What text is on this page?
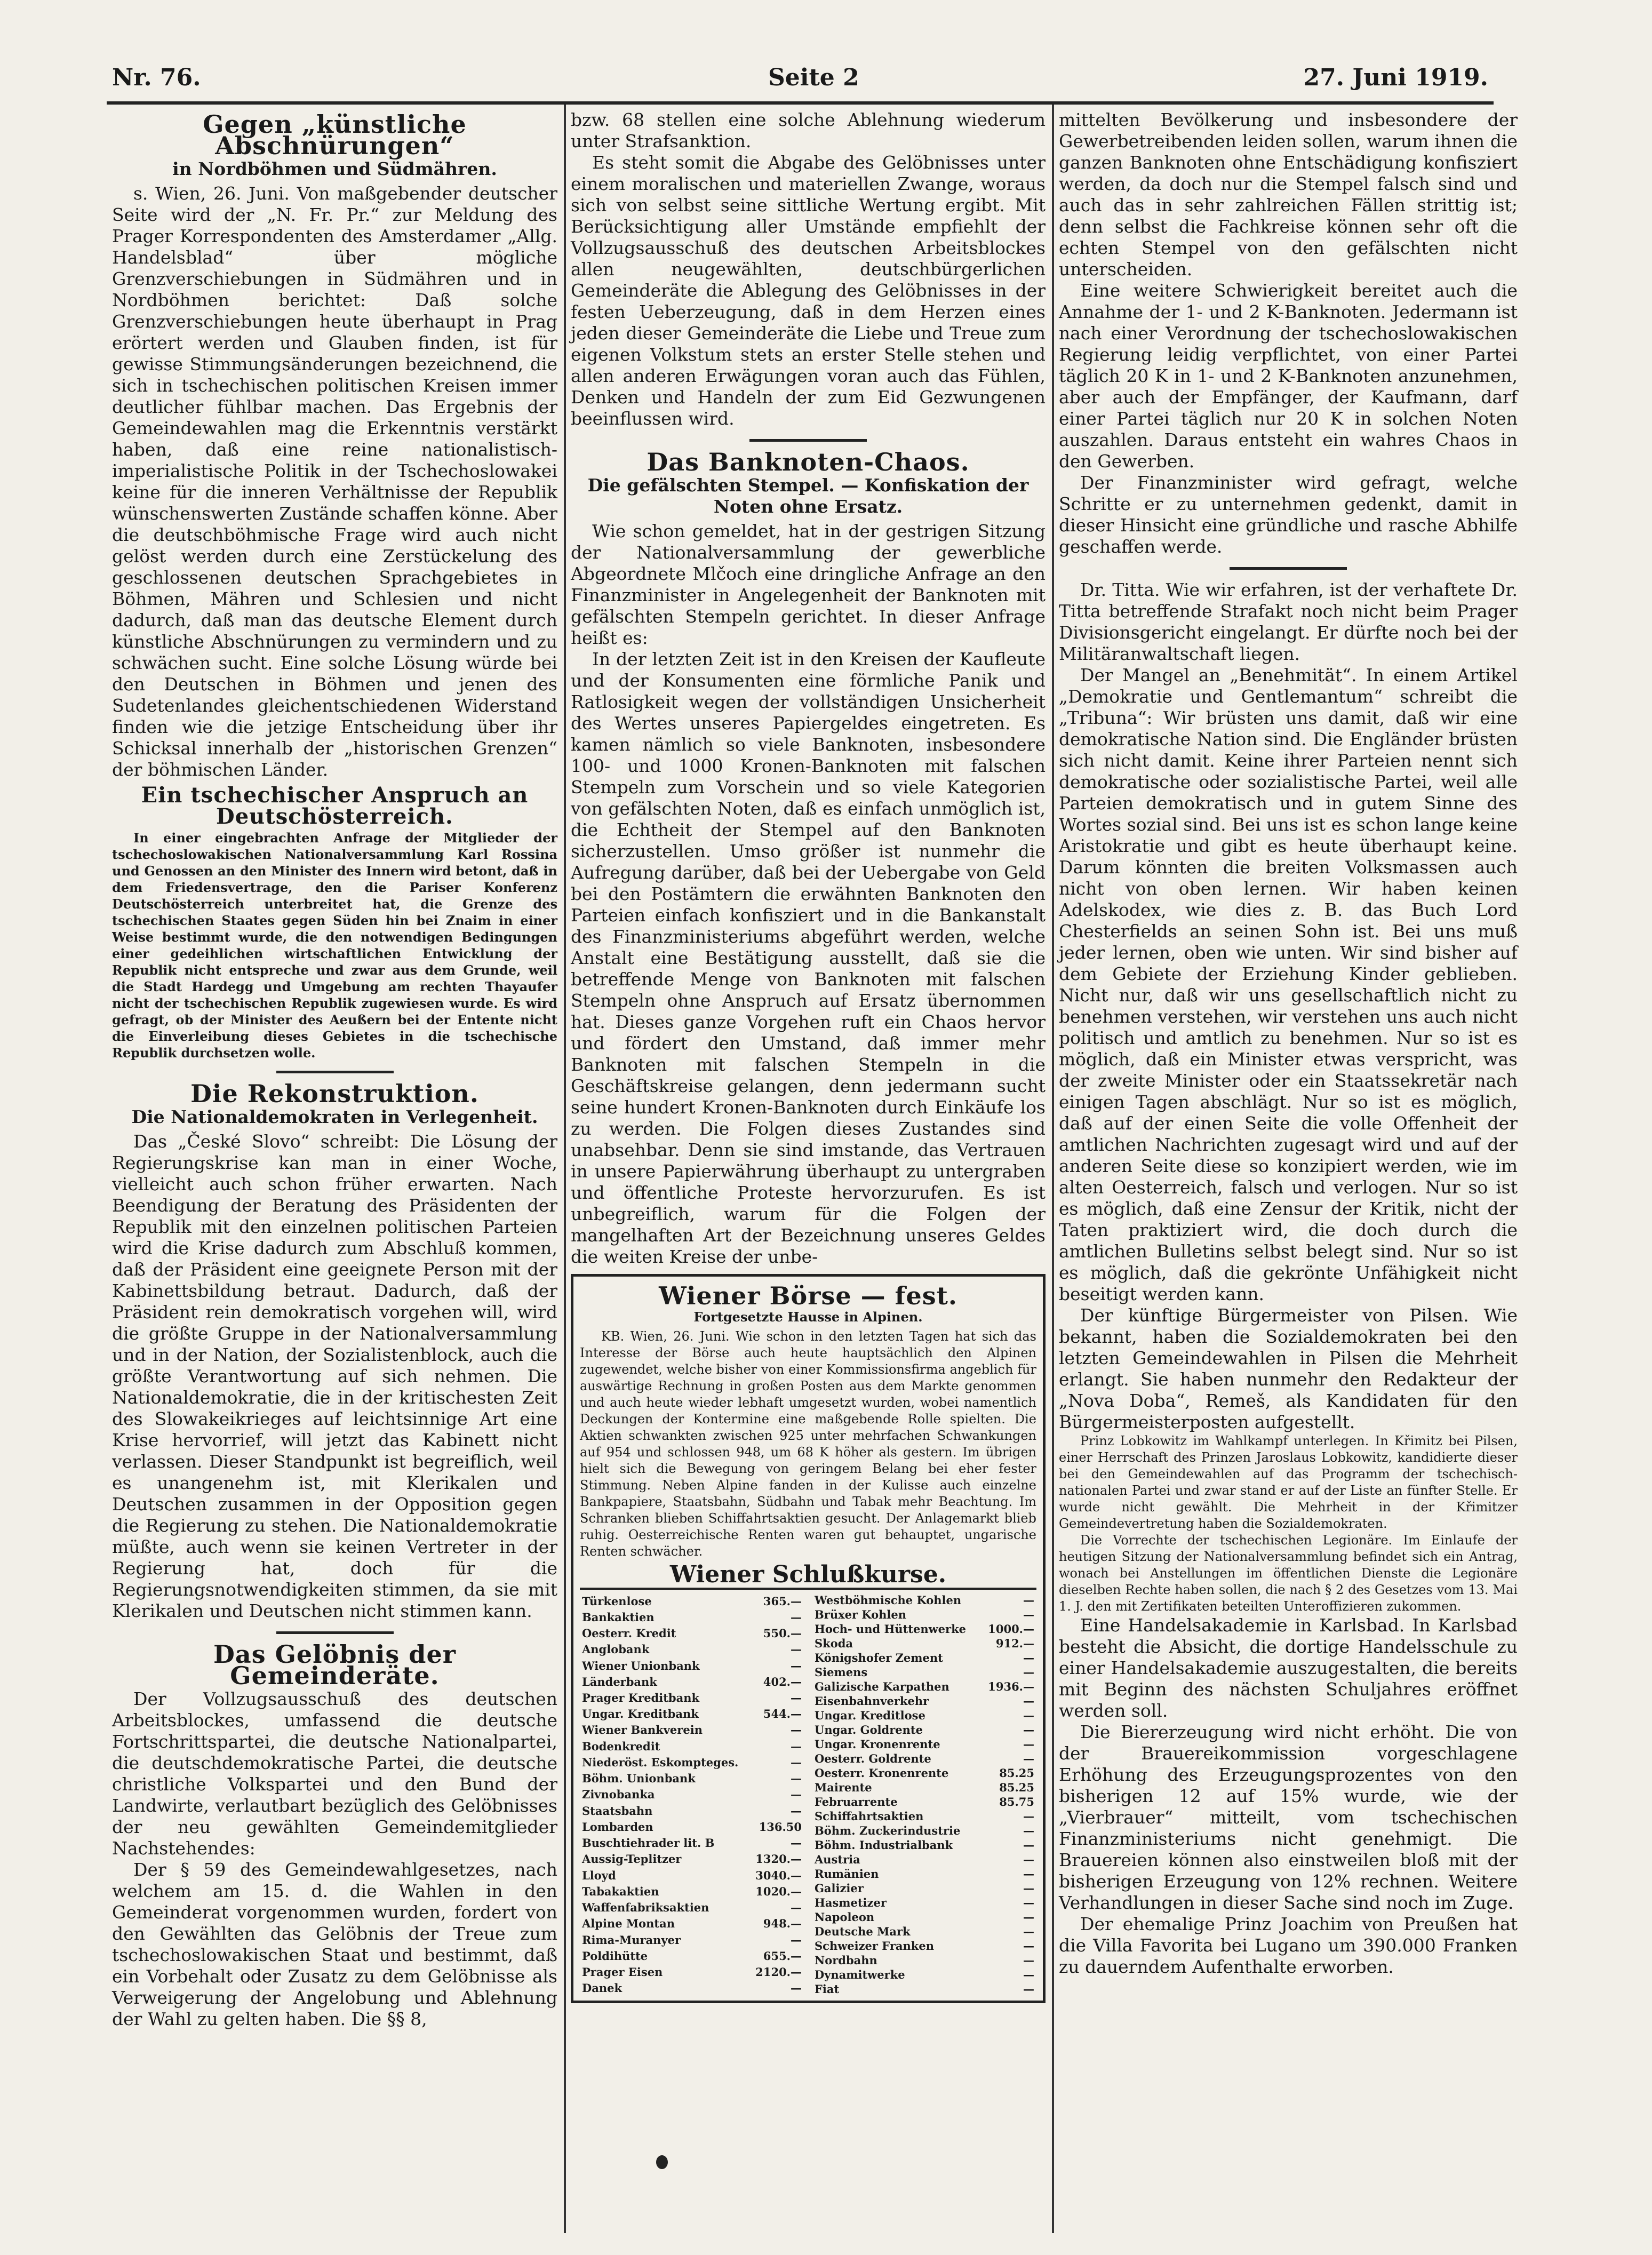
Nr. 76.	Seite 2	27. Juni 1919.
Gegen „künstliche Abschnürungen“
in Nordböhmen und Südmähren.

s. Wien, 26. Juni. Von maßgebender deutscher Seite wird der „N. Fr. Pr.“ zur Meldung des Prager Korrespondenten des Amsterdamer „Allg. Handelsblad“ über mögliche Grenzverschiebungen in Südmähren und in Nordböhmen berichtet: Daß solche Grenzverschiebungen heute überhaupt in Prag erörtert werden und Glauben finden, ist für gewisse Stimmungsänderungen bezeichnend, die sich in tschechischen politischen Kreisen immer deutlicher fühlbar machen. Das Ergebnis der Gemeindewahlen mag die Erkenntnis verstärkt haben, daß eine reine nationalistisch-imperialistische Politik in der Tschechoslowakei keine für die inneren Verhältnisse der Republik wünschenswerten Zustände schaffen könne. Aber die deutschböhmische Frage wird auch nicht gelöst werden durch eine Zerstückelung des geschlossenen deutschen Sprachgebietes in Böhmen, Mähren und Schlesien und nicht dadurch, daß man das deutsche Element durch künstliche Abschnürungen zu vermindern und zu schwächen sucht. Eine solche Lösung würde bei den Deutschen in Böhmen und jenen des Sudetenlandes gleichentschiedenen Widerstand finden wie die jetzige Entscheidung über ihr Schicksal innerhalb der „historischen Grenzen“ der böhmischen Länder.

Ein tschechischer Anspruch an Deutschösterreich.

In einer eingebrachten Anfrage der Mitglieder der tschechoslowakischen Nationalversammlung Karl Rossina und Genossen an den Minister des Innern wird betont, daß in dem Friedensvertrage, den die Pariser Konferenz Deutschösterreich unterbreitet hat, die Grenze des tschechischen Staates gegen Süden hin bei Znaim in einer Weise bestimmt wurde, die den notwendigen Bedingungen einer gedeihlichen wirtschaftlichen Entwicklung der Republik nicht entspreche und zwar aus dem Grunde, weil die Stadt Hardegg und Umgebung am rechten Thayaufer nicht der tschechischen Republik zugewiesen wurde. Es wird gefragt, ob der Minister des Aeußern bei der Entente nicht die Einverleibung dieses Gebietes in die tschechische Republik durchsetzen wolle.

Die Rekonstruktion.
Die Nationaldemokraten in Verlegenheit.

Das „České Slovo“ schreibt: Die Lösung der Regierungskrise kan man in einer Woche, vielleicht auch schon früher erwarten. Nach Beendigung der Beratung des Präsidenten der Republik mit den einzelnen politischen Parteien wird die Krise dadurch zum Abschluß kommen, daß der Präsident eine geeignete Person mit der Kabinettsbildung betraut. Dadurch, daß der Präsident rein demokratisch vorgehen will, wird die größte Gruppe in der Nationalversammlung und in der Nation, der Sozialistenblock, auch die größte Verantwortung auf sich nehmen. Die Nationaldemokratie, die in der kritischesten Zeit des Slowakeikrieges auf leichtsinnige Art eine Krise hervorrief, will jetzt das Kabinett nicht verlassen. Dieser Standpunkt ist begreiflich, weil es unangenehm ist, mit Klerikalen und Deutschen zusammen in der Opposition gegen die Regierung zu stehen. Die Nationaldemokratie müßte, auch wenn sie keinen Vertreter in der Regierung hat, doch für die Regierungsnotwendigkeiten stimmen, da sie mit Klerikalen und Deutschen nicht stimmen kann.

Das Gelöbnis der Gemeinderäte.

Der Vollzugsausschuß des deutschen Arbeitsblockes, umfassend die deutsche Fortschrittspartei, die deutsche Nationalpartei, die deutschdemokratische Partei, die deutsche christliche Volkspartei und den Bund der Landwirte, verlautbart bezüglich des Gelöbnisses der neu gewählten Gemeindemitglieder Nachstehendes:

Der § 59 des Gemeindewahlgesetzes, nach welchem am 15. d. die Wahlen in den Gemeinderat vorgenommen wurden, fordert von den Gewählten das Gelöbnis der Treue zum tschechoslowakischen Staat und bestimmt, daß ein Vorbehalt oder Zusatz zu dem Gelöbnisse als Verweigerung der Angelobung und Ablehnung der Wahl zu gelten haben. Die §§ 8,

bzw. 68 stellen eine solche Ablehnung wiederum unter Strafsanktion.

Es steht somit die Abgabe des Gelöbnisses unter einem moralischen und materiellen Zwange, woraus sich von selbst seine sittliche Wertung ergibt. Mit Berücksichtigung aller Umstände empfiehlt der Vollzugsausschuß des deutschen Arbeitsblockes allen neugewählten, deutschbürgerlichen Gemeinderäte die Ablegung des Gelöbnisses in der festen Ueberzeugung, daß in dem Herzen eines jeden dieser Gemeinderäte die Liebe und Treue zum eigenen Volkstum stets an erster Stelle stehen und allen anderen Erwägungen voran auch das Fühlen, Denken und Handeln der zum Eid Gezwungenen beeinflussen wird.

Das Banknoten-Chaos.
Die gefälschten Stempel. — Konfiskation der Noten ohne Ersatz.

Wie schon gemeldet, hat in der gestrigen Sitzung der Nationalversammlung der gewerbliche Abgeordnete Mlčoch eine dringliche Anfrage an den Finanzminister in Angelegenheit der Banknoten mit gefälschten Stempeln gerichtet. In dieser Anfrage heißt es:

In der letzten Zeit ist in den Kreisen der Kaufleute und der Konsumenten eine förmliche Panik und Ratlosigkeit wegen der vollständigen Unsicherheit des Wertes unseres Papiergeldes eingetreten. Es kamen nämlich so viele Banknoten, insbesondere 100- und 1000 Kronen-Banknoten mit falschen Stempeln zum Vorschein und so viele Kategorien von gefälschten Noten, daß es einfach unmöglich ist, die Echtheit der Stempel auf den Banknoten sicherzustellen. Umso größer ist nunmehr die Aufregung darüber, daß bei der Uebergabe von Geld bei den Postämtern die erwähnten Banknoten den Parteien einfach konfisziert und in die Bankanstalt des Finanzministeriums abgeführt werden, welche Anstalt eine Bestätigung ausstellt, daß sie die betreffende Menge von Banknoten mit falschen Stempeln ohne Anspruch auf Ersatz übernommen hat. Dieses ganze Vorgehen ruft ein Chaos hervor und fördert den Umstand, daß immer mehr Banknoten mit falschen Stempeln in die Geschäftskreise gelangen, denn jedermann sucht seine hundert Kronen-Banknoten durch Einkäufe los zu werden. Die Folgen dieses Zustandes sind unabsehbar. Denn sie sind imstande, das Vertrauen in unsere Papierwährung überhaupt zu untergraben und öffentliche Proteste hervorzurufen. Es ist unbegreiflich, warum für die Folgen der mangelhaften Art der Bezeichnung unseres Geldes die weiten Kreise der unbe-

Wiener Börse — fest.
Fortgesetzte Hausse in Alpinen.

KB. Wien, 26. Juni. Wie schon in den letzten Tagen hat sich das Interesse der Börse auch heute hauptsächlich den Alpinen zugewendet, welche bisher von einer Kommissionsfirma angeblich für auswärtige Rechnung in großen Posten aus dem Markte genommen und auch heute wieder lebhaft umgesetzt wurden, wobei namentlich Deckungen der Kontermine eine maßgebende Rolle spielten. Die Aktien schwankten zwischen 925 unter mehrfachen Schwankungen auf 954 und schlossen 948, um 68 K höher als gestern. Im übrigen hielt sich die Bewegung von geringem Belang bei eher fester Stimmung. Neben Alpine fanden in der Kulisse auch einzelne Bankpapiere, Staatsbahn, Südbahn und Tabak mehr Beachtung. Im Schranken blieben Schiffahrtsaktien gesucht. Der Anlagemarkt blieb ruhig. Oesterreichische Renten waren gut behauptet, ungarische Renten schwächer.

Wiener Schlußkurse.
Türkenlose	365.—
Bankaktien	—
Oesterr. Kredit	550.—
Anglobank	—
Wiener Unionbank	—
Länderbank	402.—
Prager Kreditbank	—
Ungar. Kreditbank	544.—
Wiener Bankverein	—
Bodenkredit	—
Niederöst. Eskompteges.	—
Böhm. Unionbank	—
Zivnobanka	—
Staatsbahn	—
Lombarden	136.50
Buschtiehrader lit. B	—
Aussig-Teplitzer	1320.—
Lloyd	3040.—
Tabakaktien	1020.—
Waffenfabriksaktien	—
Alpine Montan	948.—
Rima-Muranyer	—
Poldihütte	655.—
Prager Eisen	2120.—
Danek	—
Westböhmische Kohlen	—
Brüxer Kohlen	—
Hoch- und Hüttenwerke	1000.—
Skoda	912.—
Königshofer Zement	—
Siemens	—
Galizische Karpathen	1936.—
Eisenbahnverkehr	—
Ungar. Kreditlose	—
Ungar. Goldrente	—
Ungar. Kronenrente	—
Oesterr. Goldrente	—
Oesterr. Kronenrente	85.25
Mairente	85.25
Februarrente	85.75
Schiffahrtsaktien	—
Böhm. Zuckerindustrie	—
Böhm. Industrialbank	—
Austria	—
Rumänien	—
Galizier	—
Hasmetizer	—
Napoleon	—
Deutsche Mark	—
Schweizer Franken	—
Nordbahn	—
Dynamitwerke	—
Fiat	—

mittelten Bevölkerung und insbesondere der Gewerbetreibenden leiden sollen, warum ihnen die ganzen Banknoten ohne Entschädigung konfisziert werden, da doch nur die Stempel falsch sind und auch das in sehr zahlreichen Fällen strittig ist; denn selbst die Fachkreise können sehr oft die echten Stempel von den gefälschten nicht unterscheiden.

Eine weitere Schwierigkeit bereitet auch die Annahme der 1- und 2 K-Banknoten. Jedermann ist nach einer Verordnung der tschechoslowakischen Regierung leidig verpflichtet, von einer Partei täglich 20 K in 1- und 2 K-Banknoten anzunehmen, aber auch der Empfänger, der Kaufmann, darf einer Partei täglich nur 20 K in solchen Noten auszahlen. Daraus entsteht ein wahres Chaos in den Gewerben.

Der Finanzminister wird gefragt, welche Schritte er zu unternehmen gedenkt, damit in dieser Hinsicht eine gründliche und rasche Abhilfe geschaffen werde.

Dr. Titta. Wie wir erfahren, ist der verhaftete Dr. Titta betreffende Strafakt noch nicht beim Prager Divisionsgericht eingelangt. Er dürfte noch bei der Militäranwaltschaft liegen.

Der Mangel an „Benehmität“. In einem Artikel „Demokratie und Gentlemantum“ schreibt die „Tribuna“: Wir brüsten uns damit, daß wir eine demokratische Nation sind. Die Engländer brüsten sich nicht damit. Keine ihrer Parteien nennt sich demokratische oder sozialistische Partei, weil alle Parteien demokratisch und in gutem Sinne des Wortes sozial sind. Bei uns ist es schon lange keine Aristokratie und gibt es heute überhaupt keine. Darum könnten die breiten Volksmassen auch nicht von oben lernen. Wir haben keinen Adelskodex, wie dies z. B. das Buch Lord Chesterfields an seinen Sohn ist. Bei uns muß jeder lernen, oben wie unten. Wir sind bisher auf dem Gebiete der Erziehung Kinder geblieben. Nicht nur, daß wir uns gesellschaftlich nicht zu benehmen verstehen, wir verstehen uns auch nicht politisch und amtlich zu benehmen. Nur so ist es möglich, daß ein Minister etwas verspricht, was der zweite Minister oder ein Staatssekretär nach einigen Tagen abschlägt. Nur so ist es möglich, daß auf der einen Seite die volle Offenheit der amtlichen Nachrichten zugesagt wird und auf der anderen Seite diese so konzipiert werden, wie im alten Oesterreich, falsch und verlogen. Nur so ist es möglich, daß eine Zensur der Kritik, nicht der Taten praktiziert wird, die doch durch die amtlichen Bulletins selbst belegt sind. Nur so ist es möglich, daß die gekrönte Unfähigkeit nicht beseitigt werden kann.

Der künftige Bürgermeister von Pilsen. Wie bekannt, haben die Sozialdemokraten bei den letzten Gemeindewahlen in Pilsen die Mehrheit erlangt. Sie haben nunmehr den Redakteur der „Nova Doba“, Remeš, als Kandidaten für den Bürgermeisterposten aufgestellt.

Prinz Lobkowitz im Wahlkampf unterlegen. In Křimitz bei Pilsen, einer Herrschaft des Prinzen Jaroslaus Lobkowitz, kandidierte dieser bei den Gemeindewahlen auf das Programm der tschechisch-nationalen Partei und zwar stand er auf der Liste an fünfter Stelle. Er wurde nicht gewählt. Die Mehrheit in der Křimitzer Gemeindevertretung haben die Sozialdemokraten.

Die Vorrechte der tschechischen Legionäre. Im Einlaufe der heutigen Sitzung der Nationalversammlung befindet sich ein Antrag, wonach bei Anstellungen im öffentlichen Dienste die Legionäre dieselben Rechte haben sollen, die nach § 2 des Gesetzes vom 13. Mai 1. J. den mit Zertifikaten beteilten Unteroffizieren zukommen.

Eine Handelsakademie in Karlsbad. In Karlsbad besteht die Absicht, die dortige Handelsschule zu einer Handelsakademie auszugestalten, die bereits mit Beginn des nächsten Schuljahres eröffnet werden soll.

Die Biererzeugung wird nicht erhöht. Die von der Brauereikommission vorgeschlagene Erhöhung des Erzeugungsprozentes von den bisherigen 12 auf 15% wurde, wie der „Vierbrauer“ mitteilt, vom tschechischen Finanzministeriums nicht genehmigt. Die Brauereien können also einstweilen bloß mit der bisherigen Erzeugung von 12% rechnen. Weitere Verhandlungen in dieser Sache sind noch im Zuge.

Der ehemalige Prinz Joachim von Preußen hat die Villa Favorita bei Lugano um 390.000 Franken zu dauerndem Aufenthalte erworben.
